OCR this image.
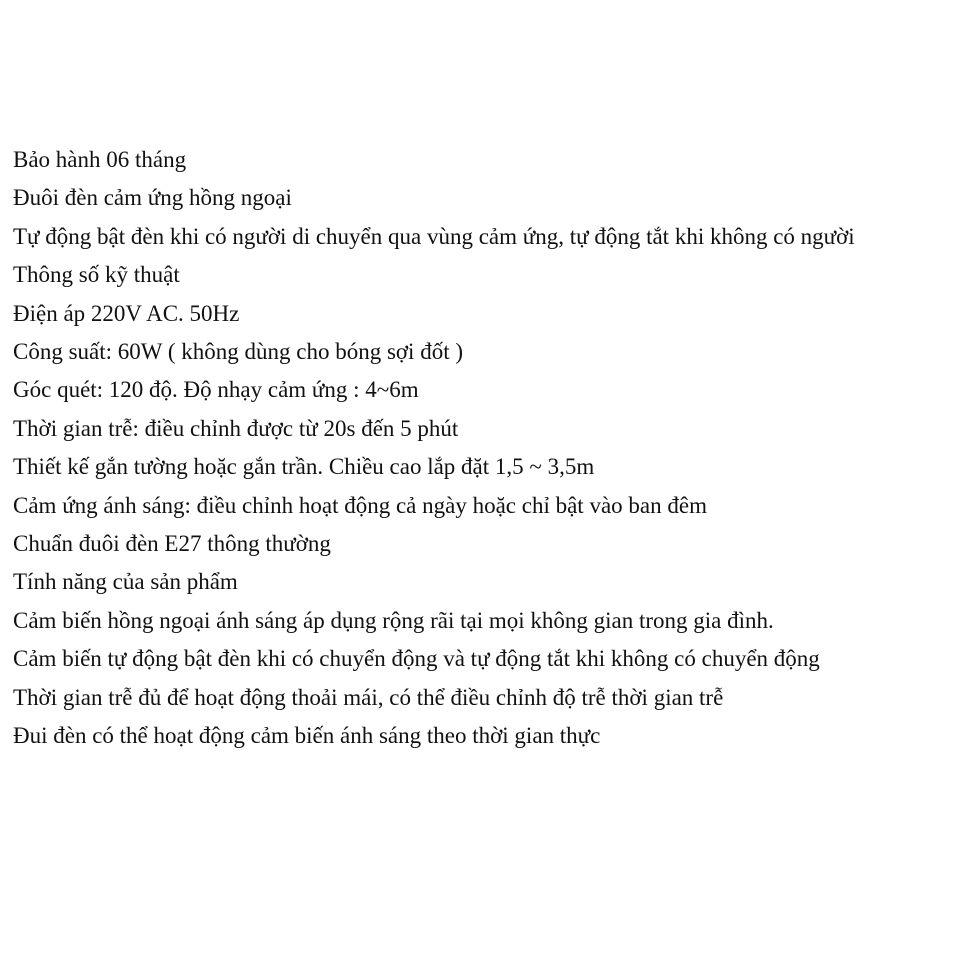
Bảo hành 06 tháng
Đuôi đèn cảm ứng hồng ngoại
Tự động bật đèn khi có người di chuyển qua vùng cảm ứng, tự động tắt khi không có người
Thông số kỹ thuật
Điện áp 220V AC. 50Hz
Công suất: 60W ( không dùng cho bóng sợi đốt )
Góc quét: 120 độ. Độ nhạy cảm ứng : 4~6m
Thời gian trễ: điều chỉnh được từ 20s đến 5 phút
Thiết kế gắn tường hoặc gắn trần. Chiều cao lắp đặt 1,5 ~ 3,5m
Cảm ứng ánh sáng: điều chỉnh hoạt động cả ngày hoặc chỉ bật vào ban đêm
Chuẩn đuôi đèn E27 thông thường
Tính năng của sản phẩm
Cảm biến hồng ngoại ánh sáng áp dụng rộng rãi tại mọi không gian trong gia đình.
Cảm biến tự động bật đèn khi có chuyển động và tự động tắt khi không có chuyển động
Thời gian trễ đủ để hoạt động thoải mái, có thể điều chỉnh độ trễ thời gian trễ
Đui đèn có thể hoạt động cảm biến ánh sáng theo thời gian thực
